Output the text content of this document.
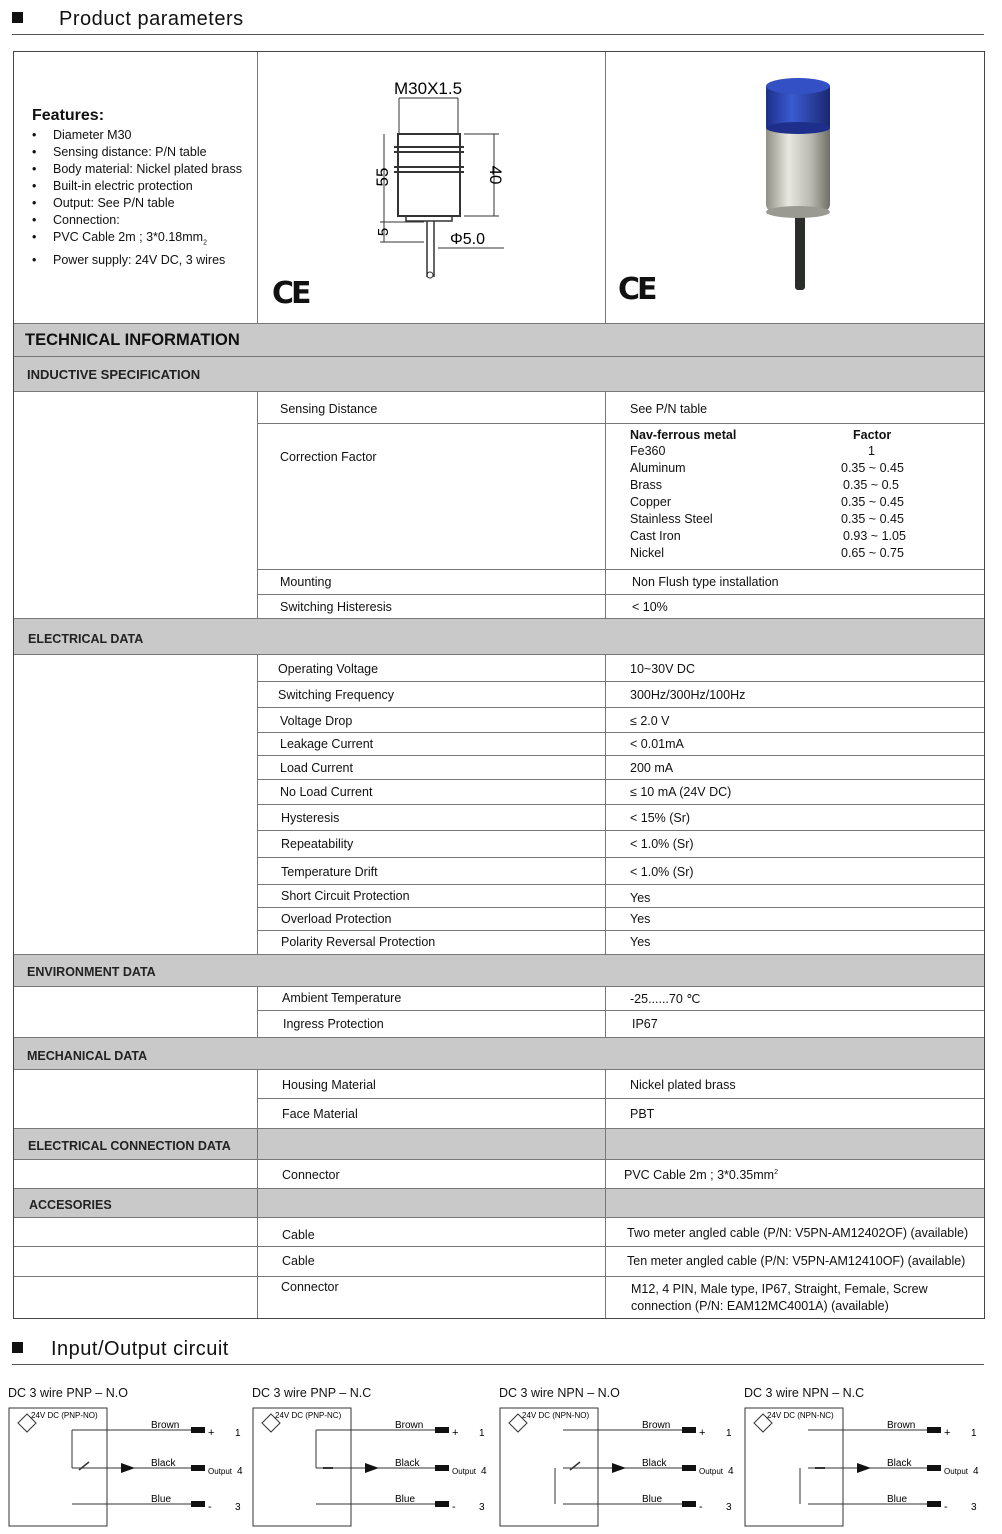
Product parameters
Features:
• Diameter M30
• Sensing distance: P/N table
• Body material: Nickel plated brass
• Built-in electric protection
• Output: See P/N table
• Connection:
• PVC Cable 2m ; $3*0.18mm_2$
• Power supply: 24V DC, 3 wires
M30X1.5
55
5
40
Φ5.0
CE	CE
TECHNICAL INFORMATION
INDUCTIVE SPECIFICATION
Sensing Distance	See P/N table
Correction Factor
Nav-ferrous metal	Factor
Fe360	1
Aluminum	0.35 ~ 0.45
Brass	0.35 ~ 0.5
Copper	0.35 ~ 0.45
Stainless Steel	0.35 ~ 0.45
Cast Iron	0.93 ~ 1.05
Nickel	0.65 ~ 0.75
Mounting	Non Flush type installation
Switching Histeresis	< 10%
ELECTRICAL DATA
Operating Voltage	10~30V DC
Switching Frequency	300Hz/300Hz/100Hz
Voltage Drop	≤ 2.0 V
Leakage Current	< 0.01mA
Load Current	200 mA
No Load Current	≤ 10 mA (24V DC)
Hysteresis	< 15% (Sr)
Repeatability	< 1.0% (Sr)
Temperature Drift	< 1.0% (Sr)
Short Circuit Protection	Yes
Overload Protection	Yes
Polarity Reversal Protection	Yes
ENVIRONMENT DATA
Ambient Temperature	-25......70 ℃
Ingress Protection	IP67
MECHANICAL DATA
Housing Material	Nickel plated brass
Face Material	PBT
ELECTRICAL CONNECTION DATA
Connector	PVC Cable 2m ; $3*0.35mm^2$
ACCESORIES
Cable	Two meter angled cable (P/N: V5PN-AM12402OF) (available)
Cable	Ten meter angled cable (P/N: V5PN-AM12410OF) (available)
Connector	M12, 4 PIN, Male type, IP67, Straight, Female, Screw
connection (P/N: EAM12MC4001A) (available)
Input/Output circuit
DC 3 wire PNP – N.O	DC 3 wire PNP – N.C	DC 3 wire NPN – N.O	DC 3 wire NPN – N.C
24V DC (PNP-NO)
Brown
Black
Blue
+
Output
-
1
4
3
24V DC (PNP-NC)
Brown
Black
Blue
+
Output
-
1
4
3
24V DC (NPN-NO)
Brown
Black
Blue
+
Output
-
1
4
3
24V DC (NPN-NC)
Brown
Black
Blue
+
Output
-
1
4
3
